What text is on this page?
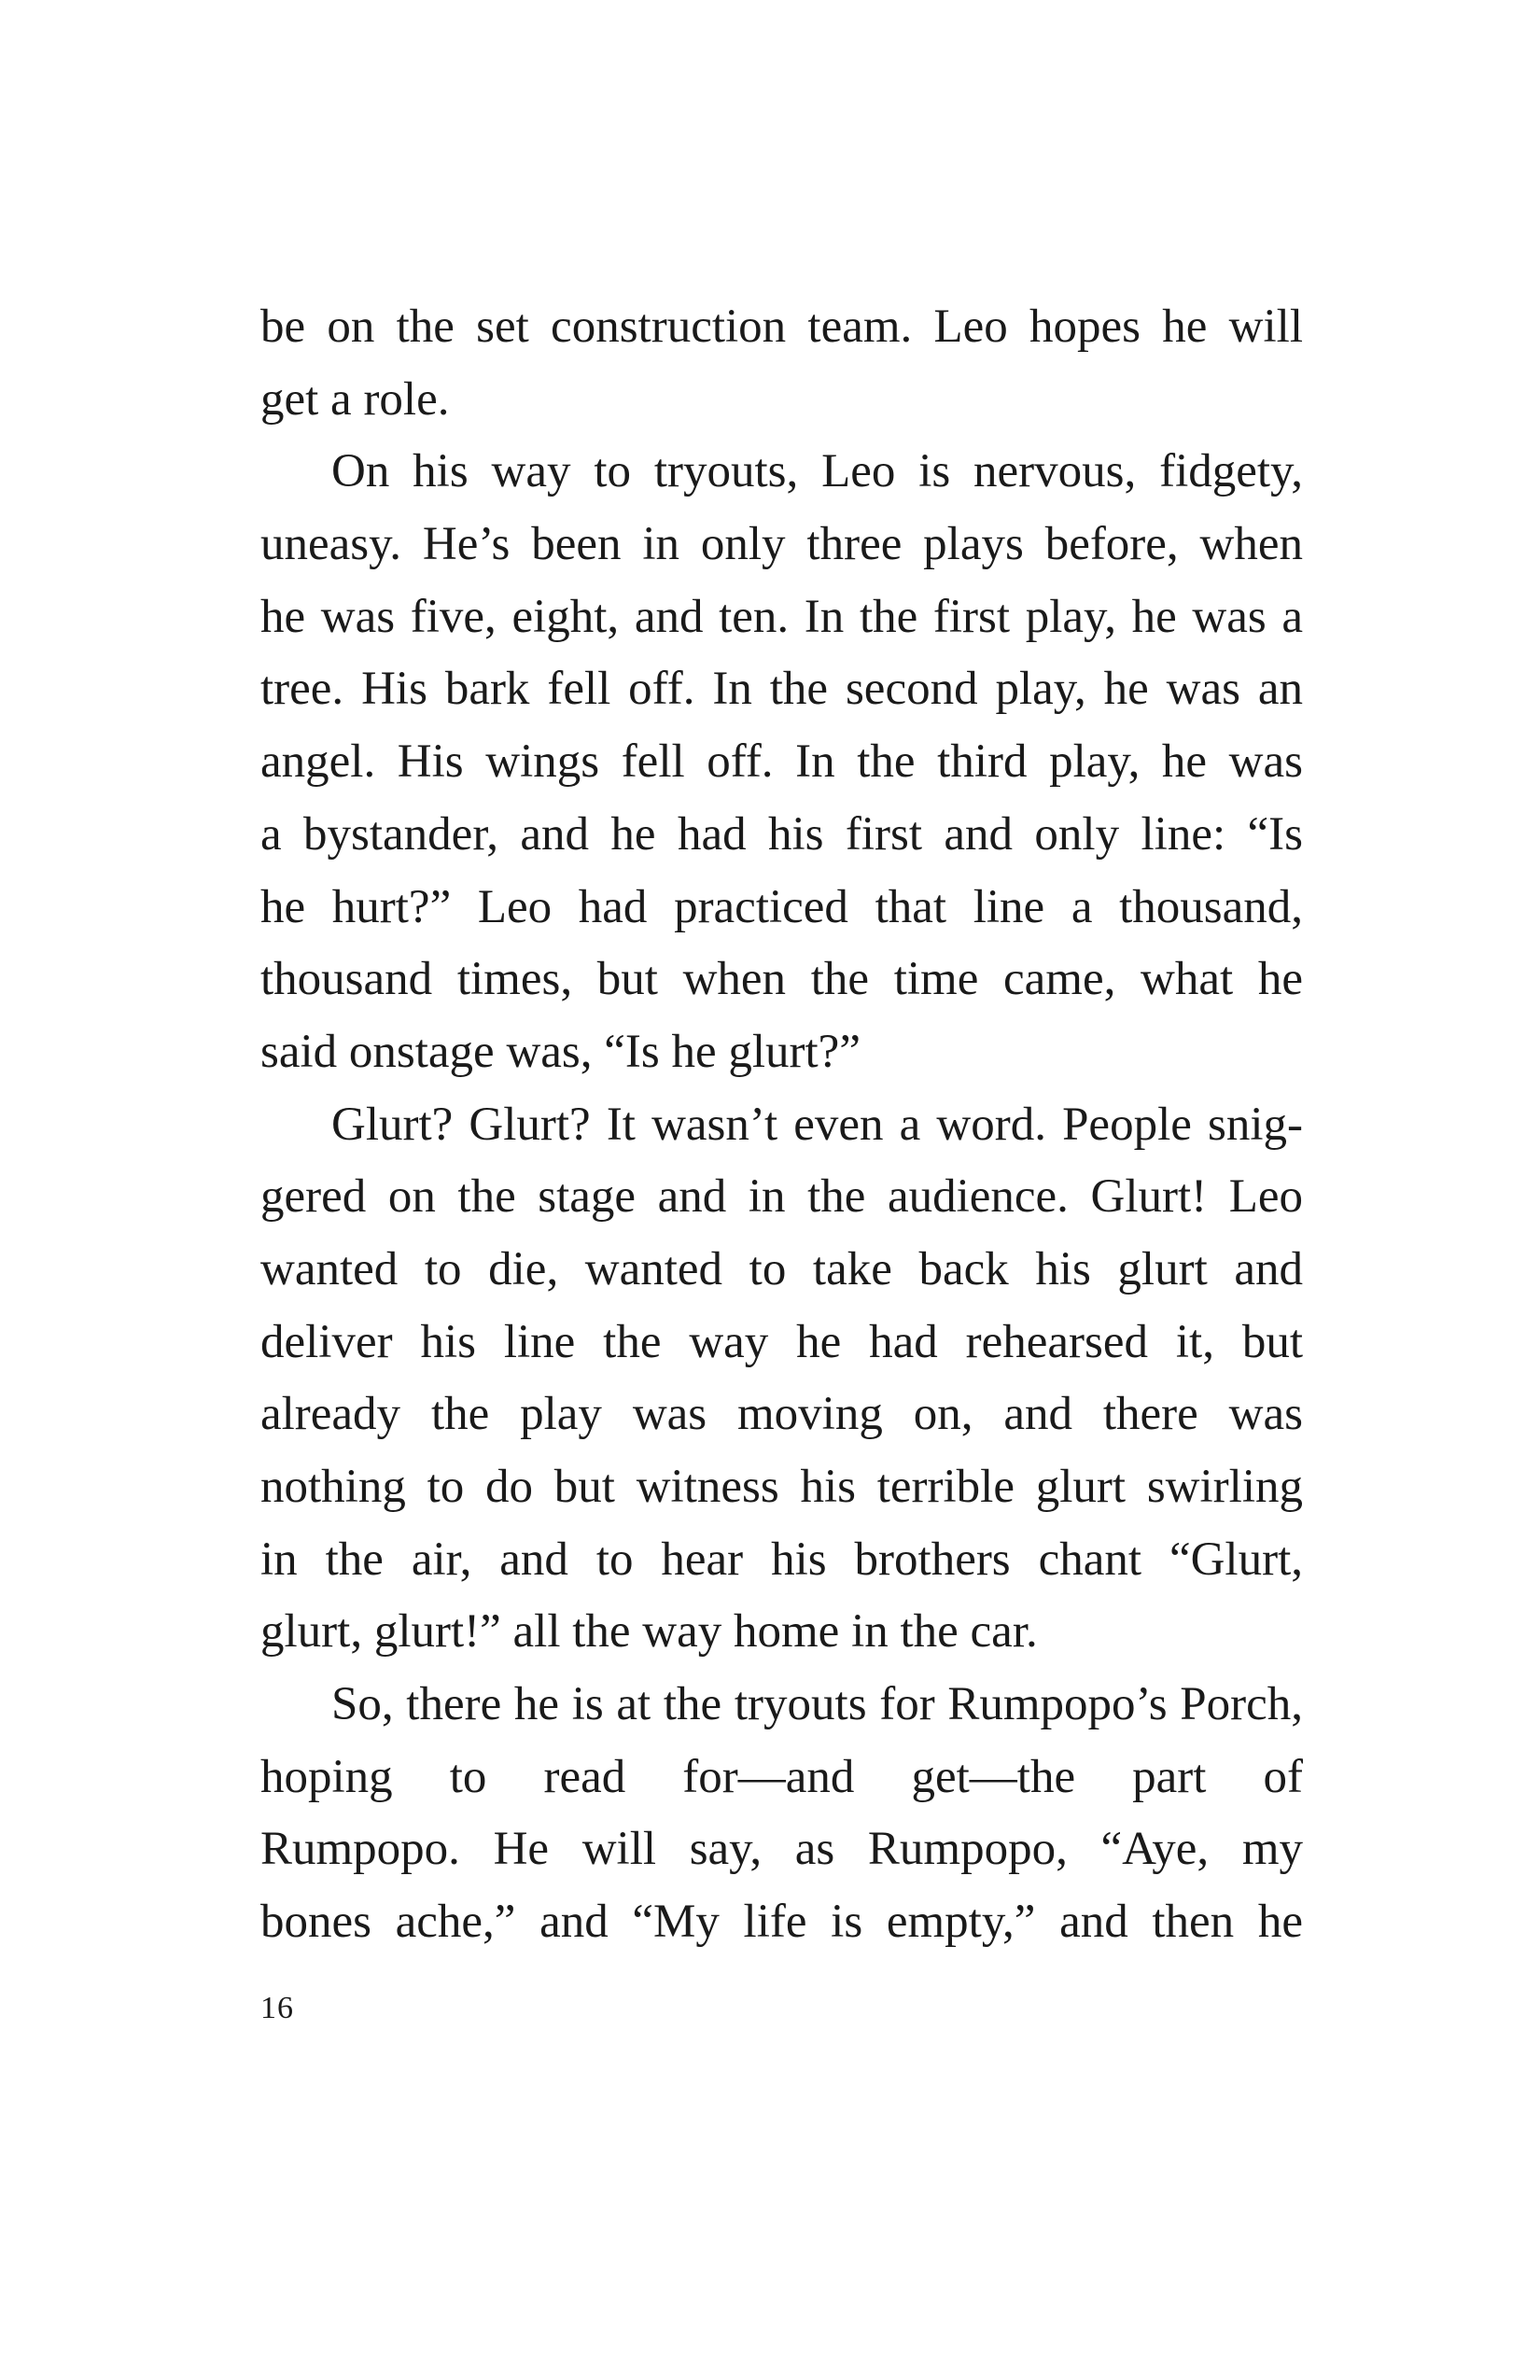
be on the set construction team. Leo hopes he will
get a role.
On his way to tryouts, Leo is nervous, fidgety,
uneasy. He’s been in only three plays before, when
he was five, eight, and ten. In the first play, he was a
tree. His bark fell off. In the second play, he was an
angel. His wings fell off. In the third play, he was
a bystander, and he had his first and only line: “Is
he hurt?” Leo had practiced that line a thousand,
thousand times, but when the time came, what he
said onstage was, “Is he glurt?”
Glurt? Glurt? It wasn’t even a word. People snig-
gered on the stage and in the audience. Glurt! Leo
wanted to die, wanted to take back his glurt and
deliver his line the way he had rehearsed it, but
already the play was moving on, and there was
nothing to do but witness his terrible glurt swirling
in the air, and to hear his brothers chant “Glurt,
glurt, glurt!” all the way home in the car.
So, there he is at the tryouts for Rumpopo’s Porch,
hoping to read for—and get—the part of
Rumpopo. He will say, as Rumpopo, “Aye, my
bones ache,” and “My life is empty,” and then he
16
